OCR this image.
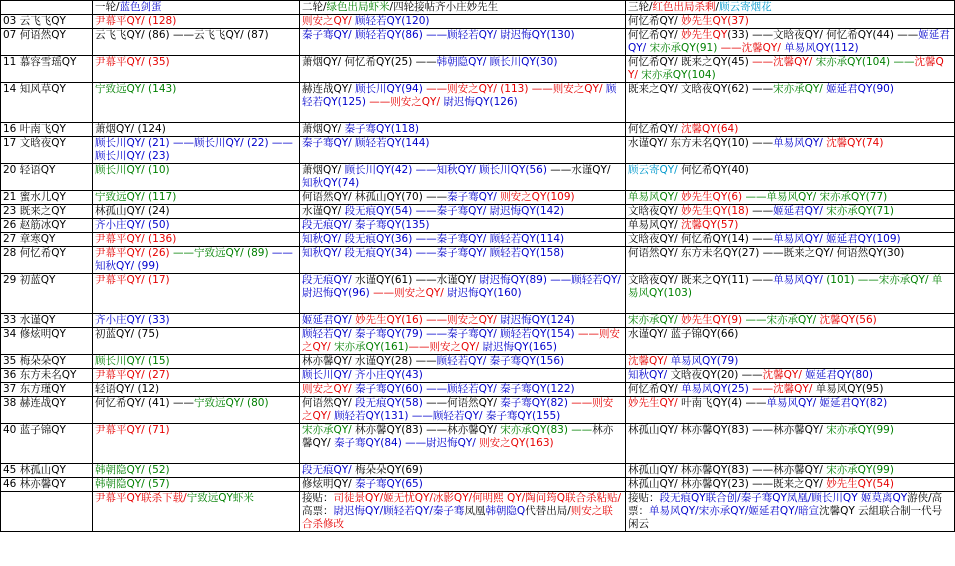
	一轮/蓝色剑蛋	二轮/绿色出局虾米/四轮接帖齐小庄妙先生	三轮/红色出局杀剩/顾云寄烟花
03 云飞飞QY	尹幕平QY/ (128)	则安之QY/ 顾轻若QY(120)	何忆希QY/ 妙先生QY(37)
07 何语然QY	云飞飞QY/ (86) ——云飞飞QY/ (87)	秦子骞QY/ 顾轻若QY(86) ——顾轻若QY/ 尉迟悔QY(130)	何忆希QY/ 妙先生QY(33) ——文晗夜QY/ 何忆希QY(44) ——姬延君QY/ 宋亦承QY(91) ——沈馨QY/ 单易风QY(112)
11 慕容雪瑶QY	尹幕平QY/ (35)	萧烟QY/ 何忆希QY(25) ——韩朝隐QY/ 顾长川QY(30)	何忆希QY/ 既来之QY(45) ——沈馨QY/ 宋亦承QY(104) ——沈馨QY/ 宋亦承QY(104)
14 知风草QY	宁致远QY/ (143)	赫连战QY/ 顾长川QY(94) ——则安之QY/ (113) ——则安之QY/ 顾轻若QY(125) ——则安之QY/ 尉迟悔QY(126)	既来之QY/ 文晗夜QY(62) ——宋亦承QY/ 姬延君QY(90)
16 叶南飞QY	萧烟QY/ (124)	萧烟QY/ 秦子骞QY(118)	何忆希QY/ 沈馨QY(64)
17 文晗夜QY	顾长川QY/ (21) ——顾长川QY/ (22) ——顾长川QY/ (23)	秦子骞QY/ 顾轻若QY(144)	水谨QY/ 东方未名QY(10) ——单易风QY/ 沈馨QY(74)
20 轻语QY	顾长川QY/ (10)	萧烟QY/ 顾长川QY(42) ——知秋QY/ 顾长川QY(56) ——水谨QY/ 知秋QY(74)	顾云寄QY/ 何忆希QY(40)
21 蜜水儿QY	宁致远QY/ (117)	何语然QY/ 林孤山QY(70) ——秦子骞QY/ 则安之QY(109)	单易风QY/ 妙先生QY(6) ——单易风QY/ 宋亦承QY(77)
23 既来之QY	林孤山QY/ (24)	水谨QY/ 段无痕QY(54) ——秦子骞QY/ 尉迟悔QY(142)	文晗夜QY/ 妙先生QY(18) ——姬延君QY/ 宋亦承QY(71)
26 赵筋冰QY	齐小庄QY/ (50)	段无痕QY/ 秦子骞QY(135)	单易风QY/ 沈馨QY(57)
27 章寒QY	尹幕平QY/ (136)	知秋QY/ 段无痕QY(36) ——秦子骞QY/ 顾轻若QY(114)	文晗夜QY/ 何忆希QY(14) ——单易风QY/ 姬延君QY(109)
28 何忆希QY	尹幕平QY/ (26) ——宁致远QY/ (89) ——知秋QY/ (99)	知秋QY/ 段无痕QY(34) ——秦子骞QY/ 顾轻若QY(158)	何语然QY/ 东方未名QY(27) ——既来之QY/ 何语然QY(30)
29 初蓝QY	尹幕平QY/ (17)	段无痕QY/ 水谨QY(61) ——水谨QY/ 尉迟悔QY(89) ——顾轻若QY/ 尉迟悔QY(96) ——则安之QY/ 尉迟悔QY(160)	文晗夜QY/ 既来之QY(11) ——单易风QY/ (101) ——宋亦承QY/ 单易风QY(103)
33 水谨QY	齐小庄QY/ (33)	姬延君QY/ 妙先生QY(16) ——则安之QY/ 尉迟悔QY(124)	宋亦承QY/ 妙先生QY(9) ——宋亦承QY/ 沈馨QY(56)
34 修炫明QY	初蓝QY/ (75)	顾轻若QY/ 秦子骞QY(79) ——秦子骞QY/ 顾轻若QY(154) ——则安之QY/ 宋亦承QY(161)——则安之QY/ 尉迟悔QY(165)	水谨QY/ 蓝子锦QY(66)
35 梅朵朵QY	顾长川QY/ (15)	林亦馨QY/ 水谨QY(28) ——顾轻若QY/ 秦子骞QY(156)	沈馨QY/ 单易风QY(79)
36 东方未名QY	尹幕平QY/ (27)	顾长川QY/ 齐小庄QY(43)	知秋QY/ 文晗夜QY(20) ——沈馨QY/ 姬延君QY(80)
37 东方瑾QY	轻语QY/ (12)	则安之QY/ 秦子骞QY(60) ——顾轻若QY/ 秦子骞QY(122)	何忆希QY/ 单易风QY(25) ——沈馨QY/ 单易风QY(95)
38 赫连战QY	何忆希QY/ (41) ——宁致远QY/ (80)	何语然QY/ 段无痕QY(58) ——何语然QY/ 秦子骞QY(82) ——则安之QY/ 顾轻若QY(131) ——顾轻若QY/ 秦子骞QY(155)	妙先生QY/ 叶南飞QY(4) ——单易风QY/ 姬延君QY(82)
40 蓝子锦QY	尹幕平QY/ (71)	宋亦承QY/ 林亦馨QY(83) ——林亦馨QY/ 宋亦承QY(83) ——林亦馨QY/ 秦子骞QY(84) ——尉迟悔QY/ 则安之QY(163)	林孤山QY/ 林亦馨QY(83) ——林亦馨QY/ 宋亦承QY(99)
45 林孤山QY	韩朝隐QY/ (52)	段无痕QY/ 梅朵朵QY(69)	林孤山QY/ 林亦馨QY(83) ——林亦馨QY/ 宋亦承QY(99)
46 林亦馨QY	韩朝隐QY/ (57)	修炫明QY/ 秦子骞QY(65)	林孤山QY/ 林亦馨QY(23) ——既来之QY/ 妙先生QY(54)
	尹幕平QY联杀下载/宁致远QY虾米	接贴：司徒景QY/姬无忧QY/冰影QY/何明熙 QY/陶问筠Q联合杀粘贴/高票：尉迟悔QY/顾轻若QY/秦子骞凤凰韩朝隐Q代替出局/则安之联合杀修改	接贴：段无痕QY联合创/秦子骞QY凤凰/顾长川QY 姬莫离QY游侠/高票：单易风QY/宋亦承QY/姬延君QY/暗宣沈馨QY 云組联合制一代号 闲云
